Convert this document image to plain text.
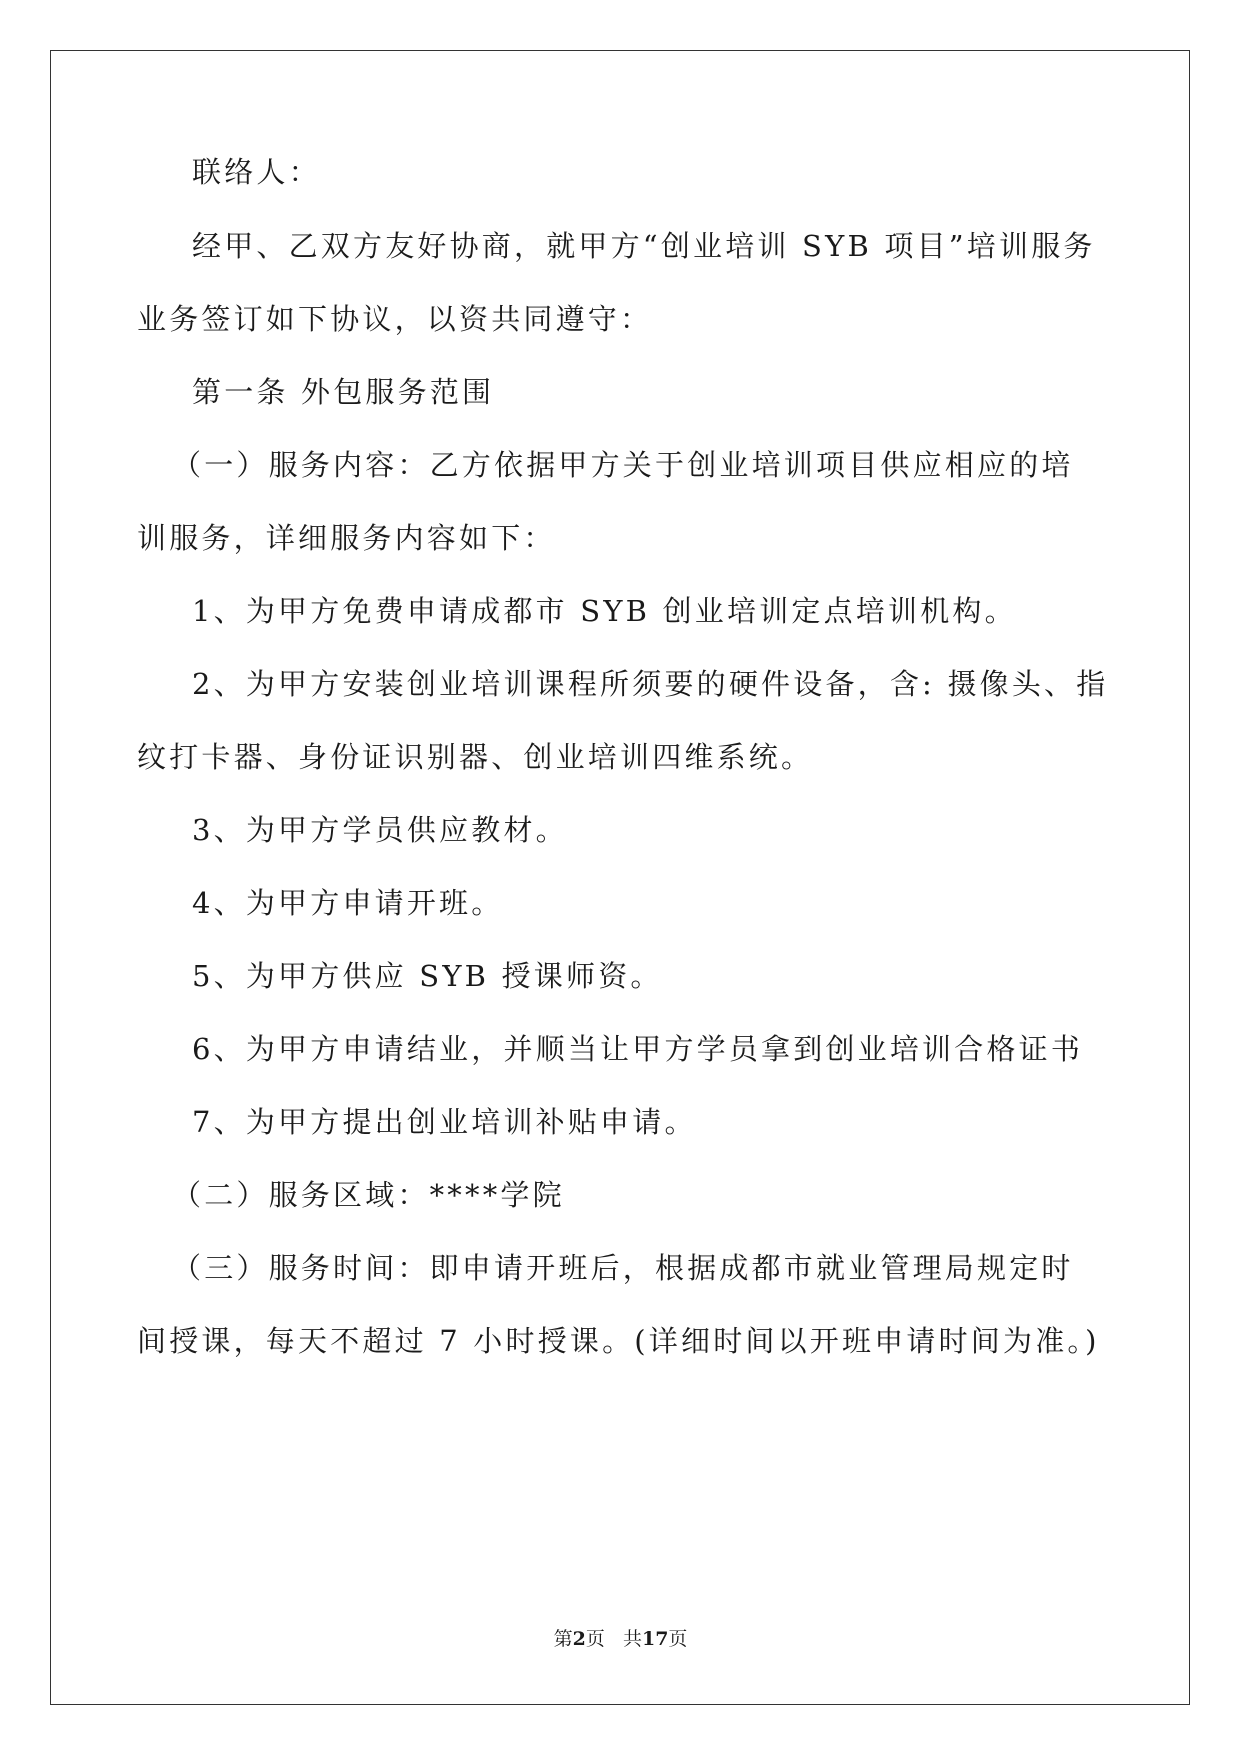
联络人：
经甲、乙双方友好协商，就甲方“创业培训 SYB 项目”培训服务
业务签订如下协议，以资共同遵守：
第一条 外包服务范围
（一）服务内容：乙方依据甲方关于创业培训项目供应相应的培
训服务，详细服务内容如下：
1、为甲方免费申请成都市 SYB 创业培训定点培训机构。
2、为甲方安装创业培训课程所须要的硬件设备，含: 摄像头、指
纹打卡器、身份证识别器、创业培训四维系统。
3、为甲方学员供应教材。
4、为甲方申请开班。
5、为甲方供应 SYB 授课师资。
6、为甲方申请结业，并顺当让甲方学员拿到创业培训合格证书
7、为甲方提出创业培训补贴申请。
（二）服务区域：****学院
（三）服务时间：即申请开班后，根据成都市就业管理局规定时
间授课，每天不超过 7 小时授课。(详细时间以开班申请时间为准。)
第2页 共17页
